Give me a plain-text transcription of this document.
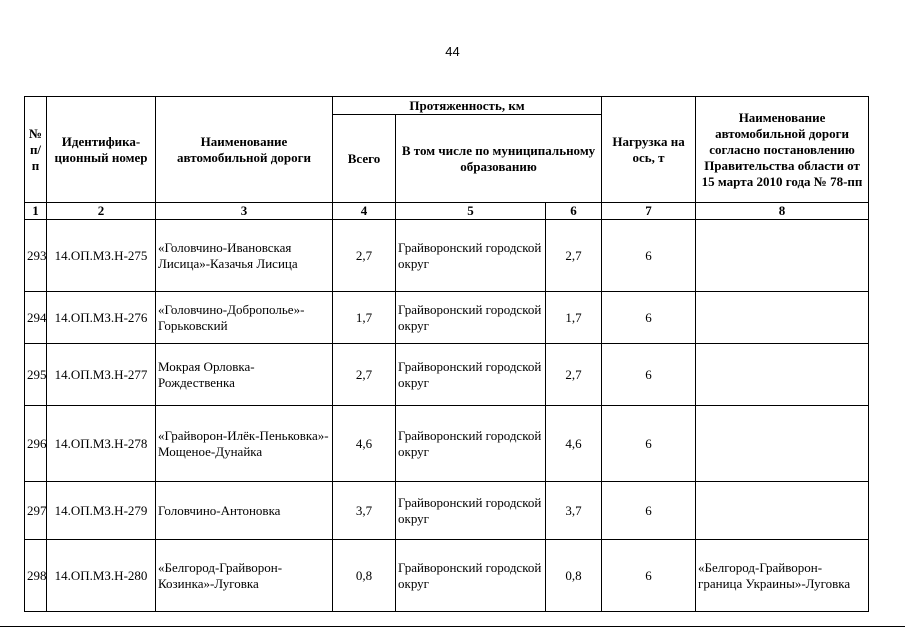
44
№ п/п	Идентифика-ционный номер	Наименование автомобильной дороги	Протяженность, км			Нагрузка на ось, т	Наименование автомобильной дороги согласно постановлению Правительства области от 15 марта 2010 года № 78-пп
			Всего	В том числе по муниципальному образованию			
1	2	3	4	5	6	7	8
293	14.ОП.МЗ.Н-275	«Головчино-Ивановская Лисица»-Казачья Лисица	2,7	Грайворонский городской округ	2,7	6	
294	14.ОП.МЗ.Н-276	«Головчино-Доброполье»-Горьковский	1,7	Грайворонский городской округ	1,7	6	
295	14.ОП.МЗ.Н-277	Мокрая Орловка-Рождественка	2,7	Грайворонский городской округ	2,7	6	
296	14.ОП.МЗ.Н-278	«Грайворон-Илёк-Пеньковка»-Мощеное-Дунайка	4,6	Грайворонский городской округ	4,6	6	
297	14.ОП.МЗ.Н-279	Головчино-Антоновка	3,7	Грайворонский городской округ	3,7	6	
298	14.ОП.МЗ.Н-280	«Белгород-Грайворон-Козинка»-Луговка	0,8	Грайворонский городской округ	0,8	6	«Белгород-Грайворон-граница Украины»-Луговка
